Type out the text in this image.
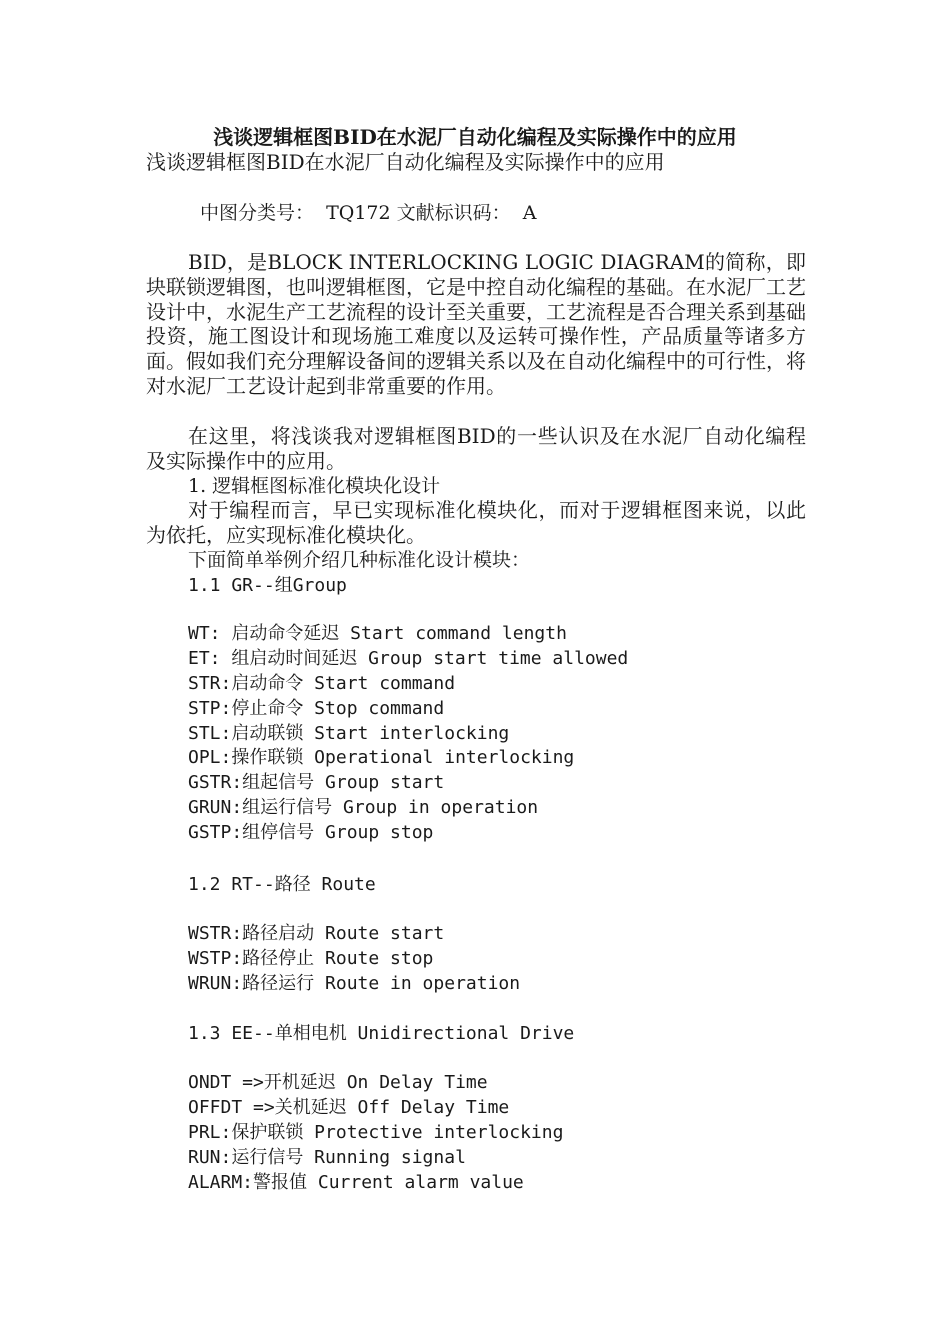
浅谈逻辑框图BID在水泥厂自动化编程及实际操作中的应用
浅谈逻辑框图BID在水泥厂自动化编程及实际操作中的应用
中图分类号：  TQ172 文献标识码：  A

BID，是BLOCK INTERLOCKING LOGIC DIAGRAM的简称，即块联锁逻辑图，也叫逻辑框图，它是中控自动化编程的基础。在水泥厂工艺设计中，水泥生产工艺流程的设计至关重要，工艺流程是否合理关系到基础投资，施工图设计和现场施工难度以及运转可操作性，产品质量等诸多方面。假如我们充分理解设备间的逻辑关系以及在自动化编程中的可行性，将对水泥厂工艺设计起到非常重要的作用。

在这里，将浅谈我对逻辑框图BID的一些认识及在水泥厂自动化编程及实际操作中的应用。

1. 逻辑框图标准化模块化设计

对于编程而言，早已实现标准化模块化，而对于逻辑框图来说，以此为依托，应实现标准化模块化。

下面简单举例介绍几种标准化设计模块：
1.1 GR--组Group
WT: 启动命令延迟 Start command length
ET: 组启动时间延迟 Group start time allowed
STR:启动命令 Start command
STP:停止命令 Stop command
STL:启动联锁 Start interlocking
OPL:操作联锁 Operational interlocking
GSTR:组起信号 Group start
GRUN:组运行信号 Group in operation
GSTP:组停信号 Group stop
1.2 RT--路径 Route
WSTR:路径启动 Route start
WSTP:路径停止 Route stop
WRUN:路径运行 Route in operation
1.3 EE--单相电机 Unidirectional Drive
ONDT =>开机延迟 On Delay Time
OFFDT =>关机延迟 Off Delay Time
PRL:保护联锁 Protective interlocking
RUN:运行信号 Running signal
ALARM:警报值 Current alarm value
